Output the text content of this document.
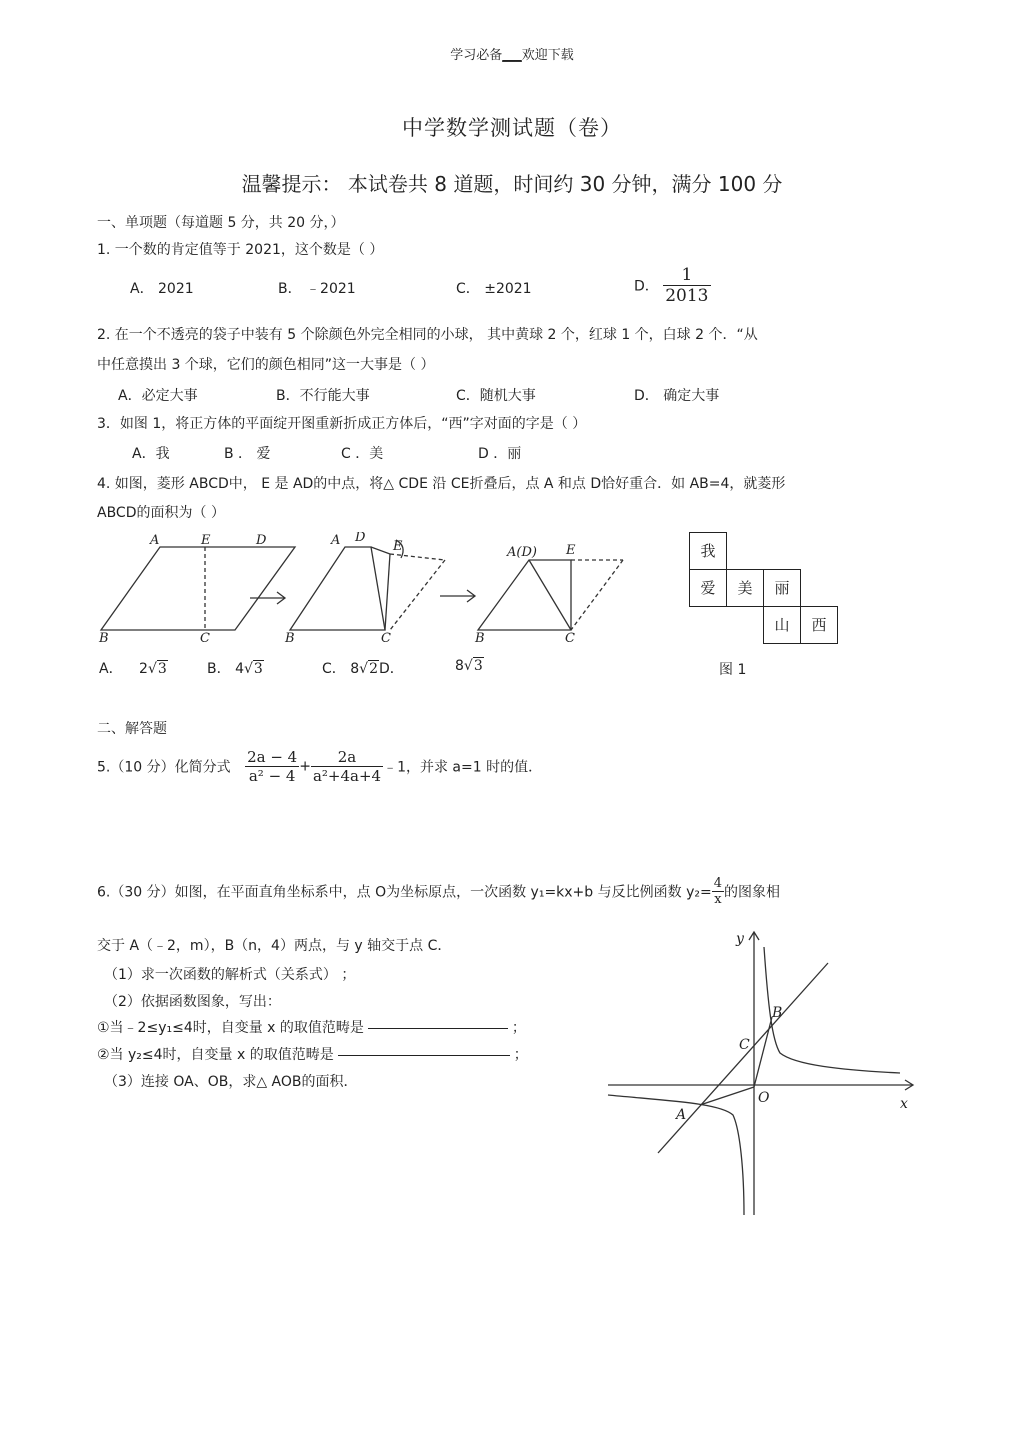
学习必备___欢迎下载
中学数学测试题（卷）
温馨提示： 本试卷共 8 道题，时间约 30 分钟，满分 100 分
一、单项题（每道题 5 分，共 20 分，）
1. 一个数的肯定值等于 2021，这个数是（ ）
A． 2021	B． ﹣2021	C． ±2021	D． $\frac{1}{2013}$
2. 在一个不透亮的袋子中装有 5 个除颜色外完全相同的小球， 其中黄球 2 个，红球 1 个，白球 2 个．“从
中任意摸出 3 个球，它们的颜色相同”这一大事是（ ）
A．必定大事	B．不行能大事	C．随机大事	D． 确定大事
3．如图 1，将正方体的平面绽开图重新折成正方体后，“西”字对面的字是（ ）
A．我	B ． 爱	C ．美	D ．丽
4. 如图，菱形 ABCD中， E 是 AD的中点，将△ CDE 沿 CE折叠后，点 A 和点 D恰好重合．如 AB=4，就菱形
ABCD的面积为（ ）
A	E	D
B	C
A D
E
B	C
A(D) E
B	C
A． 2√3	B． 4√3	C． 8√2D．	8√3
我
爱	美	丽
山	西
图 1
二、解答题
5.（10 分）化简分式 $\frac{2a - 4}{\text{a² − 4}} + \frac{2a}{\text{a²+4a+4}}$ ﹣1，并求 a=1 时的值．
6.（30 分）如图，在平面直角坐标系中，点 O为坐标原点，一次函数 y₁=kx+b 与反比例函数 $y_2= \frac{4}{x}$ 的图象相
交于 A（﹣2，m），B（n，4）两点，与 y 轴交于点 C．
（1）求一次函数的解析式（关系式） ；
（2）依据函数图象，写出：
①当﹣2≤y₁≤4时，自变量 x 的取值范畴是	；
②当 y₂≤4时，自变量 x 的取值范畴是	；
（3）连接 OA、OB，求△ AOB的面积．
x
y
O
A
B
C
